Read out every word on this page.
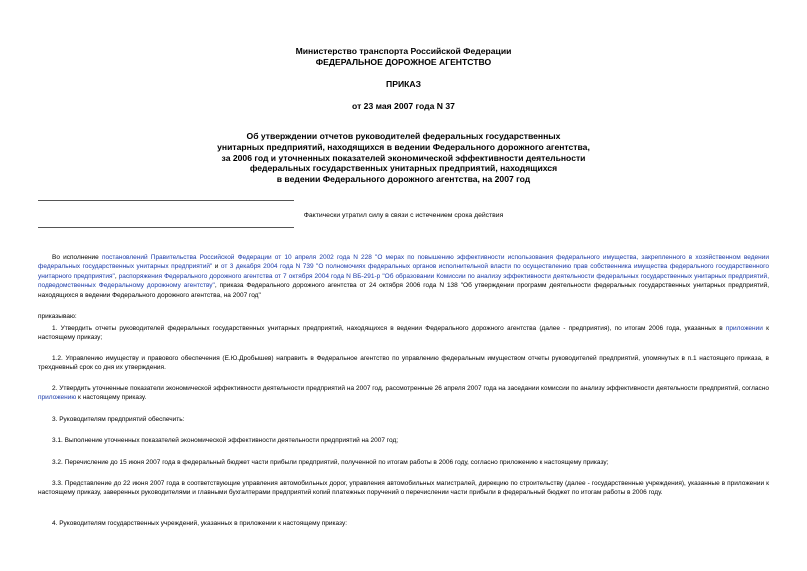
Министерство транспорта Российской Федерации
ФЕДЕРАЛЬНОЕ ДОРОЖНОЕ АГЕНТСТВО
ПРИКАЗ
от 23 мая 2007 года N 37
Об утверждении отчетов руководителей федеральных государственных
унитарных предприятий, находящихся в ведении Федерального дорожного агентства,
за 2006 год и уточненных показателей экономической эффективности деятельности
федеральных государственных унитарных предприятий, находящихся
в ведении Федерального дорожного агентства, на 2007 год
Фактически утратил силу в связи с истечением срока действия
Во исполнение постановлений Правительства Российской Федерации от 10 апреля 2002 года N 228 "О мерах по повышению эффективности использования федерального имущества, закрепленного в хозяйственном ведении федеральных государственных унитарных предприятий" и от 3 декабря 2004 года N 739 "О полномочиях федеральных органов исполнительной власти по осуществлению прав собственника имущества федерального государственного унитарного предприятия", распоряжения Федерального дорожного агентства от 7 октября 2004 года N ВБ-291-р "Об образовании Комиссии по анализу эффективности деятельности федеральных государственных унитарных предприятий, подведомственных Федеральному дорожному агентству", приказа Федерального дорожного агентства от 24 октября 2006 года N 138 "Об утверждении программ деятельности федеральных государственных унитарных предприятий, находящихся в ведении Федерального дорожного агентства, на 2007 год"
приказываю:
1. Утвердить отчеты руководителей федеральных государственных унитарных предприятий, находящихся в ведении Федерального дорожного агентства (далее - предприятия), по итогам 2006 года, указанных в приложении к настоящему приказу;
1.2. Управлению имуществу и правового обеспечения (Е.Ю.Дробышев) направить в Федеральное агентство по управлению федеральным имуществом отчеты руководителей предприятий, упомянутых в п.1 настоящего приказа, в трехдневный срок со дня их утверждения.
2. Утвердить уточненные показатели экономической эффективности деятельности предприятий на 2007 год, рассмотренные 26 апреля 2007 года на заседании комиссии по анализу эффективности деятельности предприятий, согласно приложению к настоящему приказу.
3. Руководителям предприятий обеспечить:
3.1. Выполнение уточненных показателей экономической эффективности деятельности предприятий на 2007 год;
3.2. Перечисление до 15 июня 2007 года в федеральный бюджет части прибыли предприятий, полученной по итогам работы в 2006 году, согласно приложению к настоящему приказу;
3.3. Представление до 22 июня 2007 года в соответствующие управления автомобильных дорог, управления автомобильных магистралей, дирекцию по строительству (далее - государственные учреждения), указанные в приложении к настоящему приказу, заверенных руководителями и главными бухгалтерами предприятий копий платежных поручений о перечислении части прибыли в федеральный бюджет по итогам работы в 2006 году.
4. Руководителям государственных учреждений, указанных в приложении к настоящему приказу:
